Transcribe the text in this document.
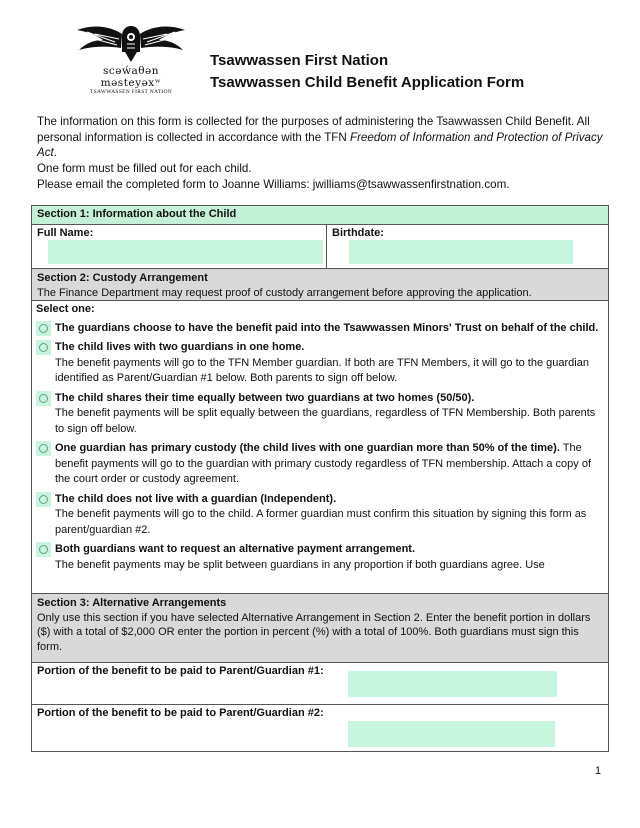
scəẃaθən məsteyəxʷ
TSAWWASSEN FIRST NATION
Tsawwassen First Nation
Tsawwassen Child Benefit Application Form

The information on this form is collected for the purposes of administering the Tsawwassen Child Benefit. All personal information is collected in accordance with the TFN Freedom of Information and Protection of Privacy Act.

One form must be filled out for each child.

Please email the completed form to Joanne Williams: jwilliams@tsawwassenfirstnation.com.

Section 1: Information about the Child
Full Name:	Birthdate:
Section 2: Custody Arrangement
The Finance Department may request proof of custody arrangement before approving the application.
Select one:
The guardians choose to have the benefit paid into the Tsawwassen Minors' Trust on behalf of the child.
The child lives with two guardians in one home.
The benefit payments will go to the TFN Member guardian. If both are TFN Members, it will go to the guardian identified as Parent/Guardian #1 below. Both parents to sign off below.
The child shares their time equally between two guardians at two homes (50/50).
The benefit payments will be split equally between the guardians, regardless of TFN Membership. Both parents to sign off below.
One guardian has primary custody (the child lives with one guardian more than 50% of the time). The benefit payments will go to the guardian with primary custody regardless of TFN membership. Attach a copy of the court order or custody agreement.
The child does not live with a guardian (Independent).
The benefit payments will go to the child. A former guardian must confirm this situation by signing this form as parent/guardian #2.
Both guardians want to request an alternative payment arrangement.
The benefit payments may be split between guardians in any proportion if both guardians agree. Use
Section 3: Alternative Arrangements
Only use this section if you have selected Alternative Arrangement in Section 2. Enter the benefit portion in dollars ($) with a total of $2,000 OR enter the portion in percent (%) with a total of 100%. Both guardians must sign this form.
Portion of the benefit to be paid to Parent/Guardian #1:
Portion of the benefit to be paid to Parent/Guardian #2:
1
